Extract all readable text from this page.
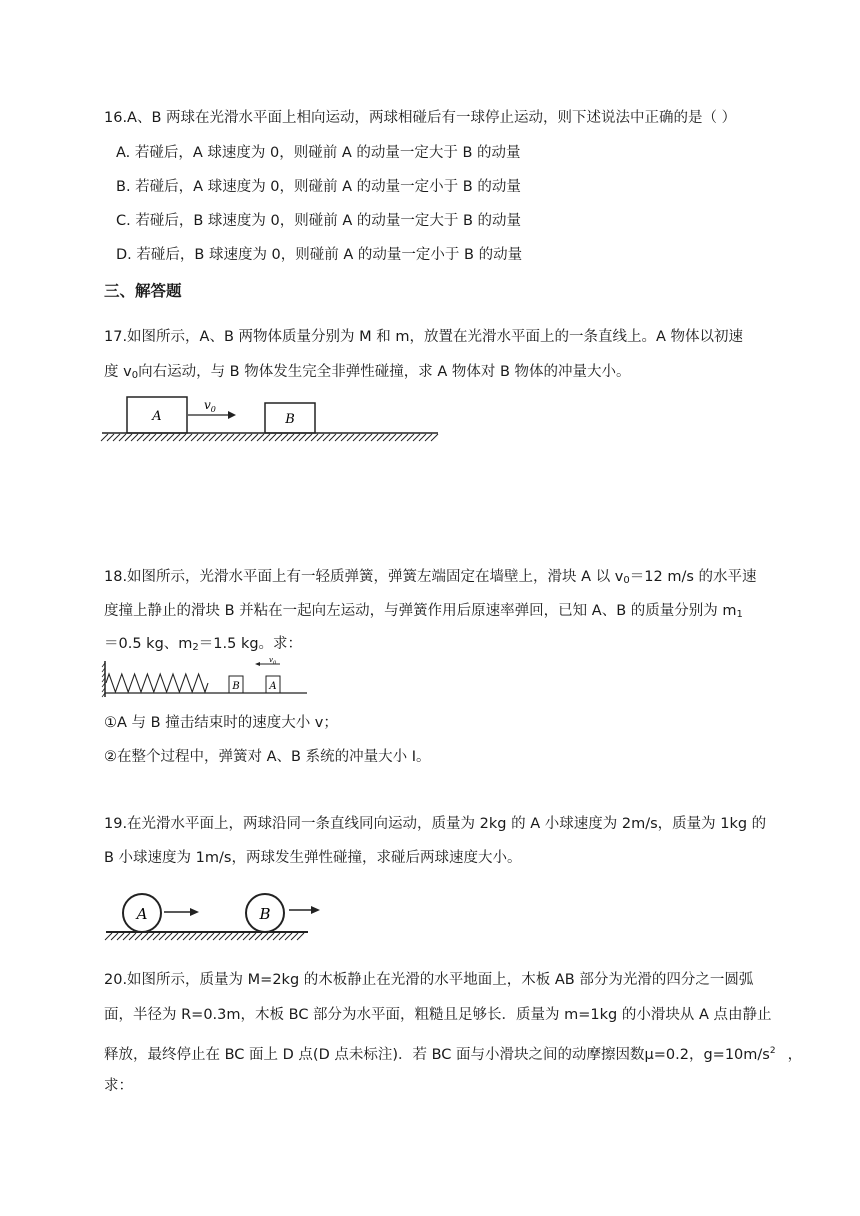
16.A、B 两球在光滑水平面上相向运动，两球相碰后有一球停止运动，则下述说法中正确的是（ ）
A. 若碰后，A 球速度为 0，则碰前 A 的动量一定大于 B 的动量
B. 若碰后，A 球速度为 0，则碰前 A 的动量一定小于 B 的动量
C. 若碰后，B 球速度为 0，则碰前 A 的动量一定大于 B 的动量
D. 若碰后，B 球速度为 0，则碰前 A 的动量一定小于 B 的动量
三、解答题
17.如图所示，A、B 两物体质量分别为 M 和 m，放置在光滑水平面上的一条直线上。A 物体以初速
度 $v_0$向右运动，与 B 物体发生完全非弹性碰撞，求 A 物体对 B 物体的冲量大小。
A
$v_0$
B
18.如图所示，光滑水平面上有一轻质弹簧，弹簧左端固定在墙壁上，滑块 A 以 $v_0=12$ m/s 的水平速
度撞上静止的滑块 B 并粘在一起向左运动，与弹簧作用后原速率弹回，已知 A、B 的质量分别为 $m_1$
＝0.5 kg、$m_2=1.5$ kg。求：
B	A
$v_0$
①A 与 B 撞击结束时的速度大小 v；
②在整个过程中，弹簧对 A、B 系统的冲量大小 I。
19.在光滑水平面上，两球沿同一条直线同向运动，质量为 2kg 的 A 小球速度为 2m/s，质量为 1kg 的
B 小球速度为 1m/s，两球发生弹性碰撞，求碰后两球速度大小。
A	B
20.如图所示，质量为 M=2kg 的木板静止在光滑的水平地面上，木板 AB 部分为光滑的四分之一圆弧
面，半径为 R=0.3m，木板 BC 部分为水平面，粗糙且足够长．质量为 m=1kg 的小滑块从 A 点由静止
释放，最终停止在 BC 面上 D 点(D 点未标注)．若 BC 面与小滑块之间的动摩擦因数μ=0.2，$g=10m/s^2$ ，
求：
